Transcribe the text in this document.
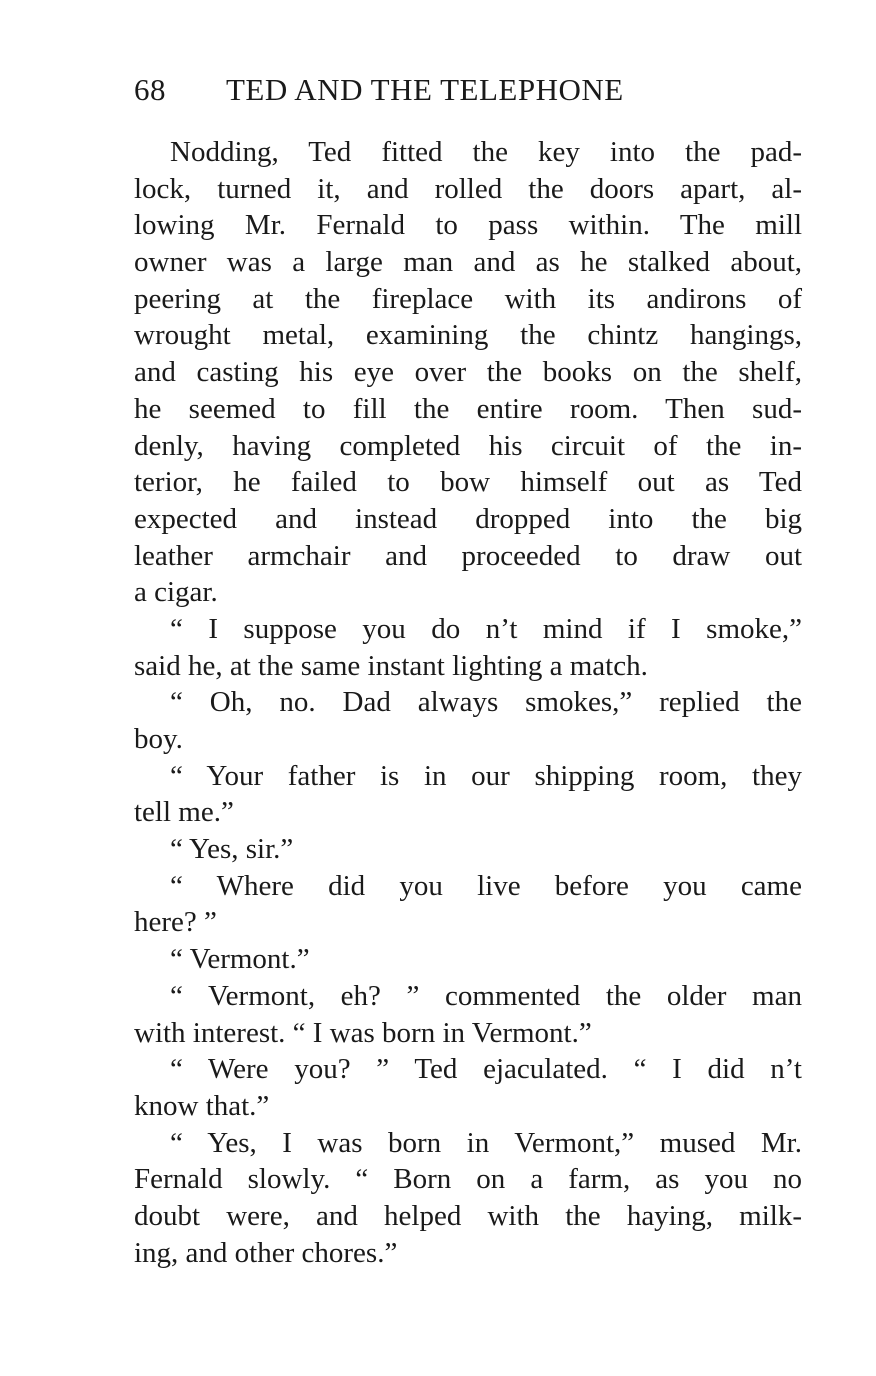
68 TED AND THE TELEPHONE
Nodding, Ted fitted the key into the pad-
lock, turned it, and rolled the doors apart, al-
lowing Mr. Fernald to pass within. The mill
owner was a large man and as he stalked about,
peering at the fireplace with its andirons of
wrought metal, examining the chintz hangings,
and casting his eye over the books on the shelf,
he seemed to fill the entire room. Then sud-
denly, having completed his circuit of the in-
terior, he failed to bow himself out as Ted
expected and instead dropped into the big
leather armchair and proceeded to draw out
a cigar.
“ I suppose you do n’t mind if I smoke,”
said he, at the same instant lighting a match.
“ Oh, no. Dad always smokes,” replied the
boy.
“ Your father is in our shipping room, they
tell me.”
“ Yes, sir.”
“ Where did you live before you came
here? ”
“ Vermont.”
“ Vermont, eh? ” commented the older man
with interest. “ I was born in Vermont.”
“ Were you? ” Ted ejaculated. “ I did n’t
know that.”
“ Yes, I was born in Vermont,” mused Mr.
Fernald slowly. “ Born on a farm, as you no
doubt were, and helped with the haying, milk-
ing, and other chores.”
